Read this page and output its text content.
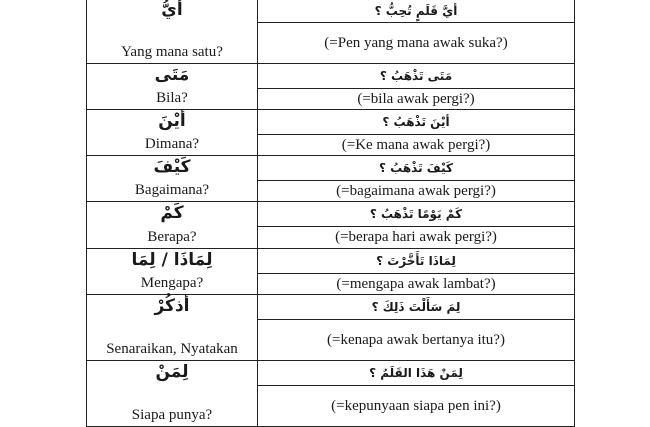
أيُّ
Yang mana satu?	أيَّ قَلَمٍ تُحِبُّ ؟
	(=Pen yang mana awak suka?)

مَتَى
Bila?	مَتَى تَذْهَبُ ؟
	(=bila awak pergi?)

أيْنَ
Dimana?	أيْنَ تَذْهَبُ ؟
	(=Ke mana awak pergi?)

كَيْفَ
Bagaimana?	كَيْفَ تَذْهَبُ ؟
	(=bagaimana awak pergi?)

كَمْ
Berapa?	كَمْ يَوْمًا تَذْهَبُ ؟
	(=berapa hari awak pergi?)

لِمَاذَا / لِمَا
Mengapa?	لِمَاذَا تَأَخَّرْتَ ؟
	(=mengapa awak lambat?)

أذكُرْ
Senaraikan, Nyatakan	لِمَ سَأَلْتَ ذَلِكَ ؟
	(=kenapa awak bertanya itu?)

لِمَنْ
Siapa punya?	لِمَنْ هَذَا القَلَمُ ؟
	(=kepunyaan siapa pen ini?)
